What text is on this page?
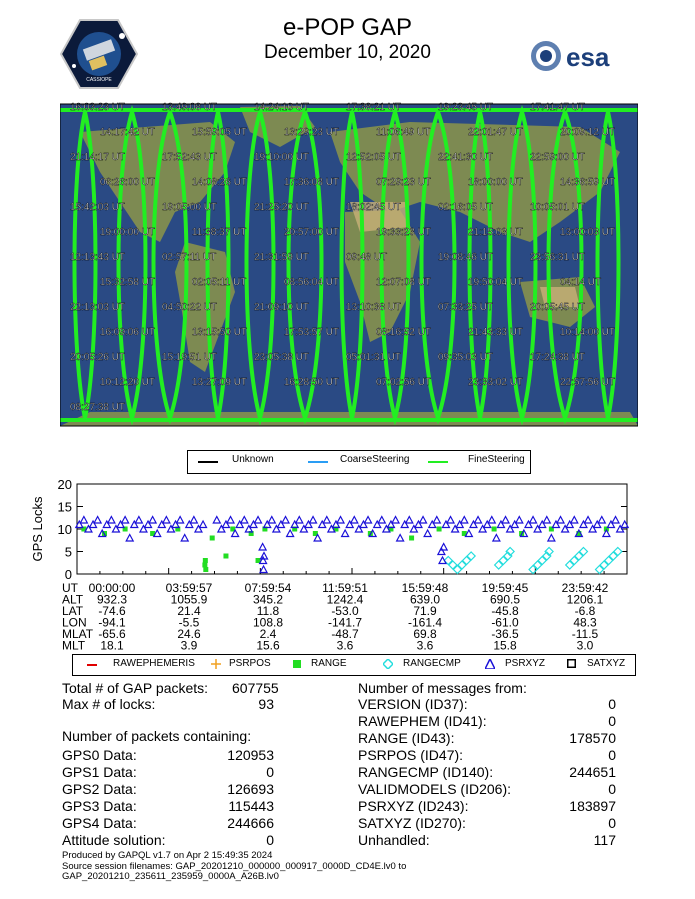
e-POP GAP
December 10, 2020
CASSIOPE
esa
16:03:23 UT	13:49:08 UT	14:24:10 UT	17:38:21 UT	19:23:45 UT	17:41:47 UT
14:17:42 UT	15:59:05 UT	13:29:23 UT	11:06:49 UT	22:01:47 UT	20:09:12 UT
21:14:17 UT	17:52:43 UT	19:10:00 UT	12:52:05 UT	22:41:30 UT	22:59:00 UT
06:26:00 UT	14:08:26 UT	17:36:08 UT	07:29:23 UT	18:00:00 UT	14:36:59 UT
15:42:03 UT	19:05:00 UT	21:25:20 UT	18:02:45 UT	02:16:05 UT	10:05:01 UT
19:00:00 UT	11:38:37 UT	20:57:00 UT	19:33:23 UT	21:15:03 UT	13:00:03 UT
12:13:43 UT	02:57:11 UT	21:31:59 UT	09:48 UT	19:08:46 UT	23:56:31 UT
15:32:58 UT	02:05:11 UT	08:56:04 UT	12:07:08 UT	19:50:04 UT	04:14 UT
22:13:03 UT	04:50:22 UT	21:09:10 UT	13:10:38 UT	07:33:25 UT	20:05:45 UT
16:09:06 UT	13:15:50 UT	17:53:57 UT	08:16:52 UT	21:43:33 UT	10:14:00 UT
20:05:26 UT	15:19:51 UT	23:05:38 UT	05:01:31 UT	09:35:03 UT	17:24:38 UT
10:12:20 UT	13:27:09 UT	16:28:50 UT	07:02:56 UT	23:33:02 UT	22:57:56 UT
08:27:38 UT
Unknown	CoarseSteering	FineSteering
GPS Locks
0
5
10
15
20
UT 00:00:00	03:59:57	07:59:54	11:59:51	15:59:48	19:59:45	23:59:42
ALT 932.3	1055.9	345.2	1242.4	639.0	690.5	1206.1
LAT -74.6	21.4	11.8	-53.0	71.9	-45.8	-6.8
LON -94.1	-5.5	108.8	-141.7	-161.4	-61.0	48.3
MLAT -65.6	24.6	2.4	-48.7	69.8	-36.5	-11.5
MLT 18.1	3.9	15.6	3.6	3.6	15.8	3.0
RAWEPHEMERIS	PSRPOS	RANGE	RANGECMP	PSRXYZ	SATXYZ
Total # of GAP packets: 607755
Max # of locks:	93
Number of packets containing:
GPS0 Data:	120953
GPS1 Data:	0
GPS2 Data:	126693
GPS3 Data:	115443
GPS4 Data:	244666
Attitude solution:	0
Number of messages from:
VERSION (ID37):	0
RAWEPHEM (ID41):	0
RANGE (ID43):	178570
PSRPOS (ID47):	0
RANGECMP (ID140):	244651
VALIDMODELS (ID206):	0
PSRXYZ (ID243):	183897
SATXYZ (ID270):	0
Unhandled:	117
Produced by GAPQL v1.7 on Apr 2 15:49:35 2024
Source session filenames: GAP_20201210_000000_000917_0000D_CD4E.lv0 to
GAP_20201210_235611_235959_0000A_A26B.lv0
